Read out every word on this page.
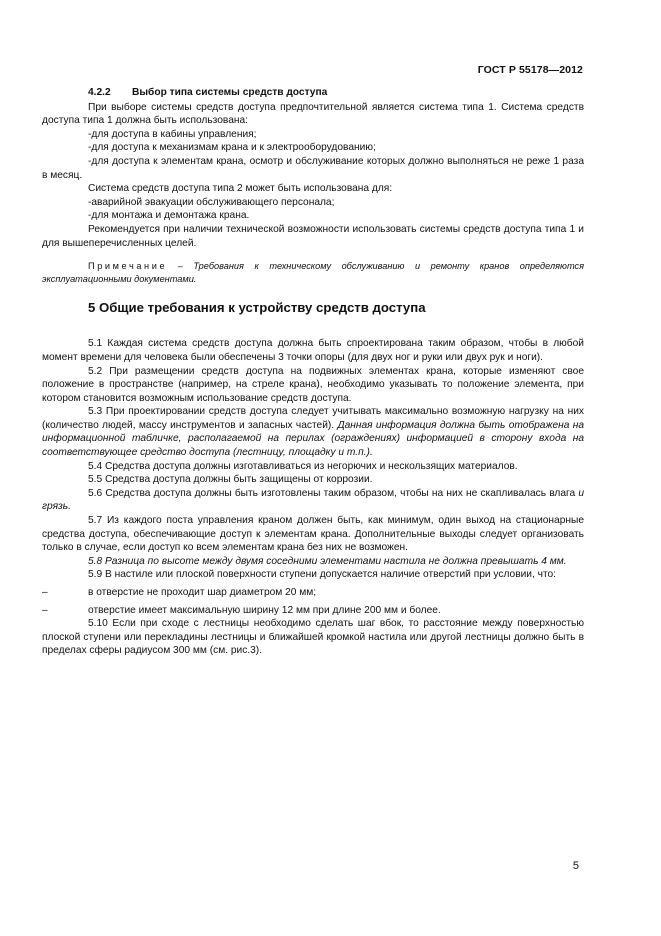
ГОСТ Р 55178—2012
4.2.2 Выбор типа системы средств доступа

При выборе системы средств доступа предпочтительной является система типа 1. Система средств доступа типа 1 должна быть использована:

-для доступа в кабины управления;

-для доступа к механизмам крана и к электрооборудованию;

-для доступа к элементам крана, осмотр и обслуживание которых должно выполняться не реже 1 раза в месяц.

Система средств доступа типа 2 может быть использована для:

-аварийной эвакуации обслуживающего персонала;

-для монтажа и демонтажа крана.

Рекомендуется при наличии технической возможности использовать системы средств доступа типа 1 и для вышеперечисленных целей.

Примечание – Требования к техническому обслуживанию и ремонту кранов определяются эксплуатационными документами.

5 Общие требования к устройству средств доступа

5.1 Каждая система средств доступа должна быть спроектирована таким образом, чтобы в любой момент времени для человека были обеспечены 3 точки опоры (для двух ног и руки или двух рук и ноги).

5.2 При размещении средств доступа на подвижных элементах крана, которые изменяют свое положение в пространстве (например, на стреле крана), необходимо указывать то положение элемента, при котором становится возможным использование средств доступа.

5.3 При проектировании средств доступа следует учитывать максимально возможную нагрузку на них (количество людей, массу инструментов и запасных частей). Данная информация должна быть отображена на информационной табличке, располагаемой на перилах (ограждениях) информацией в сторону входа на соответствующее средство доступа (лестницу, площадку и т.п.).

5.4 Средства доступа должны изготавливаться из негорючих и нескользящих материалов.

5.5 Средства доступа должны быть защищены от коррозии.

5.6 Средства доступа должны быть изготовлены таким образом, чтобы на них не скапливалась влага и грязь.

5.7 Из каждого поста управления краном должен быть, как минимум, один выход на стационарные средства доступа, обеспечивающие доступ к элементам крана. Дополнительные выходы следует организовать только в случае, если доступ ко всем элементам крана без них не возможен.

5.8 Разница по высоте между двумя соседними элементами настила не должна превышать 4 мм.

5.9 В настиле или плоской поверхности ступени допускается наличие отверстий при условии, что:

–	в отверстие не проходит шар диаметром 20 мм;

–	отверстие имеет максимальную ширину 12 мм при длине 200 мм и более.

5.10 Если при сходе с лестницы необходимо сделать шаг вбок, то расстояние между поверхностью плоской ступени или перекладины лестницы и ближайшей кромкой настила или другой лестницы должно быть в пределах сферы радиусом 300 мм (см. рис.3).

5
